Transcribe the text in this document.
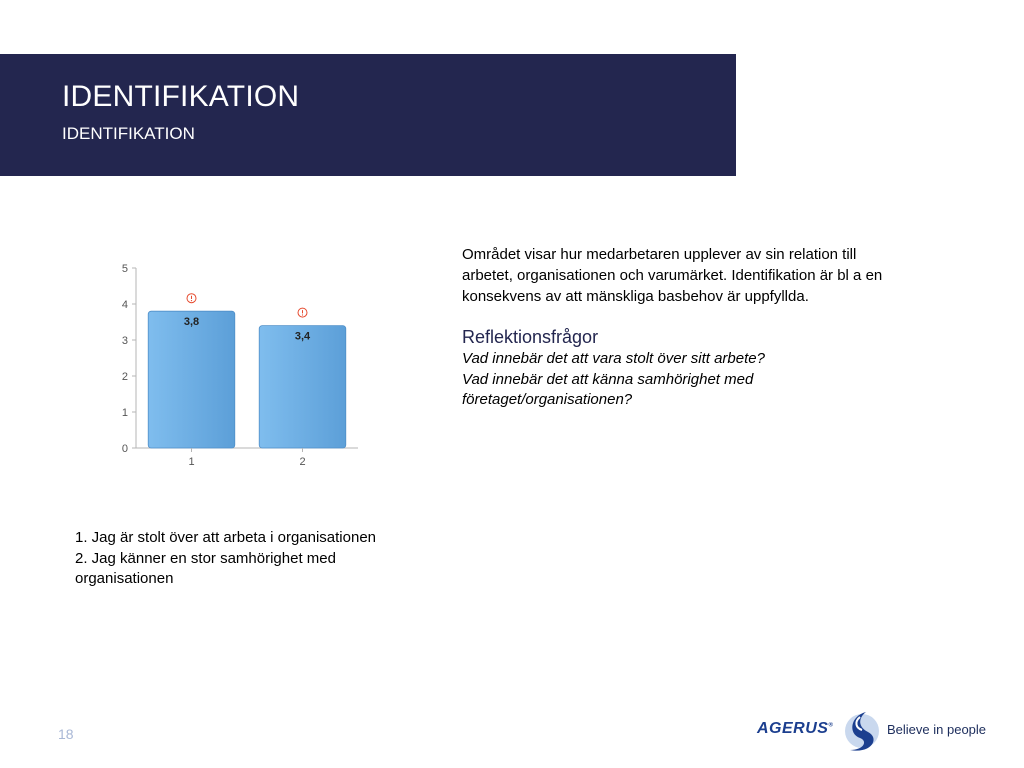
IDENTIFIKATION
IDENTIFIKATION
0
1
2
3
4
5
3,8
1
3,4
2
1. Jag är stolt över att arbeta i organisationen
2. Jag känner en stor samhörighet med
organisationen
Området visar hur medarbetaren upplever av sin relation till
arbetet, organisationen och varumärket. Identifikation är bl a en
konsekvens av att mänskliga basbehov är uppfyllda.
Reflektionsfrågor
Vad innebär det att vara stolt över sitt arbete?
Vad innebär det att känna samhörighet med
företaget/organisationen?
18	AGERUS®	Believe in people
